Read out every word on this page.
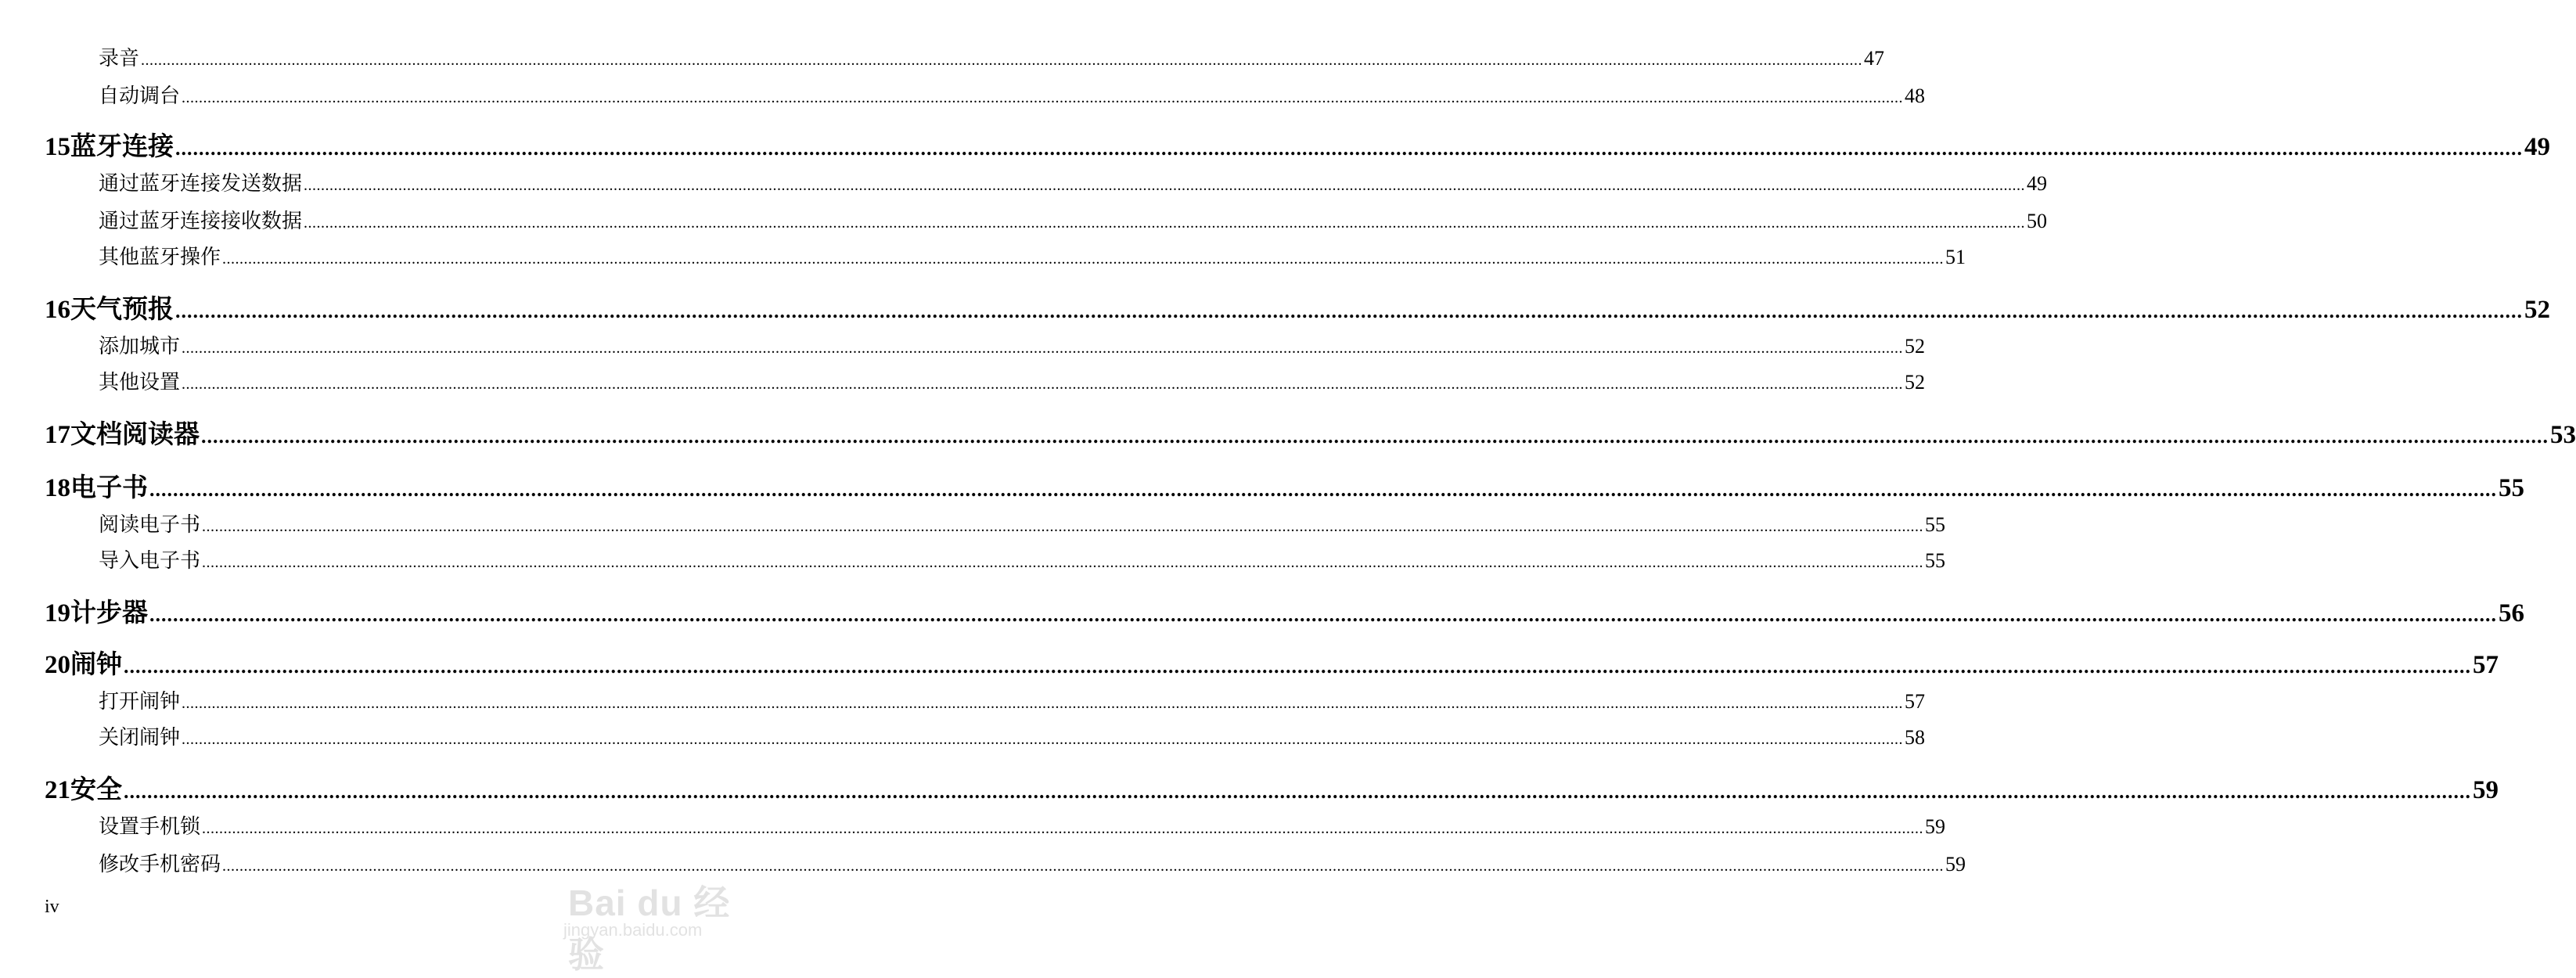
录音 ................................................................................................................................................................................................................................................................................................................................................................................................................ 47
自动调台 ................................................................................................................................................................................................................................................................................................................................................................................................................ 48
15 蓝牙连接 ................................................................................................................................................................................................................................................................................................................................................................................................................ 49
通过蓝牙连接发送数据 ................................................................................................................................................................................................................................................................................................................................................................................................................ 49
通过蓝牙连接接收数据 ................................................................................................................................................................................................................................................................................................................................................................................................................ 50
其他蓝牙操作 ................................................................................................................................................................................................................................................................................................................................................................................................................ 51
16 天气预报 ................................................................................................................................................................................................................................................................................................................................................................................................................ 52
添加城市 ................................................................................................................................................................................................................................................................................................................................................................................................................ 52
其他设置 ................................................................................................................................................................................................................................................................................................................................................................................................................ 52
17 文档阅读器 ................................................................................................................................................................................................................................................................................................................................................................................................................ 53
18 电子书 ................................................................................................................................................................................................................................................................................................................................................................................................................ 55
阅读电子书 ................................................................................................................................................................................................................................................................................................................................................................................................................ 55
导入电子书 ................................................................................................................................................................................................................................................................................................................................................................................................................ 55
19 计步器 ................................................................................................................................................................................................................................................................................................................................................................................................................ 56
20 闹钟 ................................................................................................................................................................................................................................................................................................................................................................................................................ 57
打开闹钟 ................................................................................................................................................................................................................................................................................................................................................................................................................ 57
关闭闹钟 ................................................................................................................................................................................................................................................................................................................................................................................................................ 58
21 安全 ................................................................................................................................................................................................................................................................................................................................................................................................................ 59
设置手机锁 ................................................................................................................................................................................................................................................................................................................................................................................................................ 59
修改手机密码 ................................................................................................................................................................................................................................................................................................................................................................................................................ 59
iv	Bai du 经验
jingyan.baidu.com
